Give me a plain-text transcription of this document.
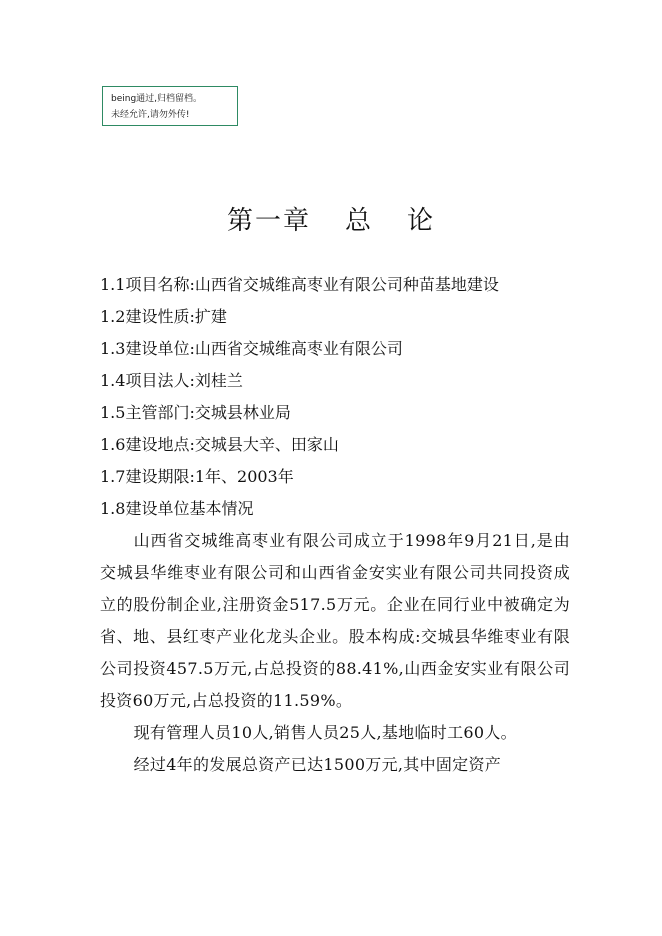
being通过,归档留档。
未经允许,请勿外传!
第一章 总 论
1.1项目名称:山西省交城维高枣业有限公司种苗基地建设
1.2建设性质:扩建
1.3建设单位:山西省交城维高枣业有限公司
1.4项目法人:刘桂兰
1.5主管部门:交城县林业局
1.6建设地点:交城县大辛、田家山
1.7建设期限:1年、2003年
1.8建设单位基本情况
山西省交城维高枣业有限公司成立于1998年9月21日,是由交城县华维枣业有限公司和山西省金安实业有限公司共同投资成立的股份制企业,注册资金517.5万元。企业在同行业中被确定为省、地、县红枣产业化龙头企业。股本构成:交城县华维枣业有限公司投资457.5万元,占总投资的88.41%,山西金安实业有限公司投资60万元,占总投资的11.59%。
现有管理人员10人,销售人员25人,基地临时工60人。
经过4年的发展总资产已达1500万元,其中固定资产
